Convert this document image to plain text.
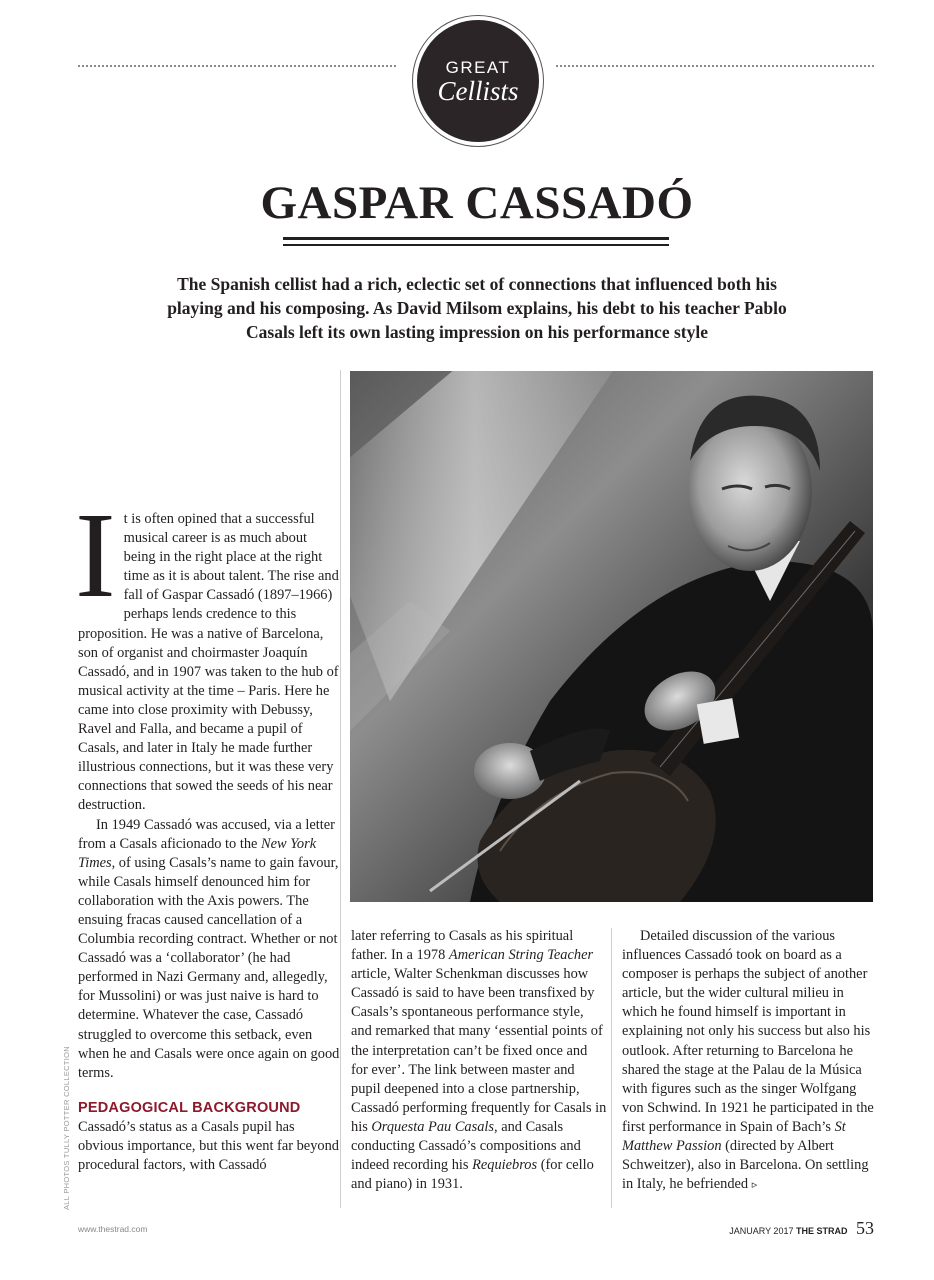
GREAT
Cellists
GASPAR CASSADÓ
The Spanish cellist had a rich, eclectic set of connections that influenced both his playing and his composing. As David Milsom explains, his debt to his teacher Pablo Casals left its own lasting impression on his performance style
I t is often opined that a successful musical career is as much about being in the right place at the right time as it is about talent. The rise and fall of Gaspar Cassadó (1897–1966) perhaps lends credence to this proposition. He was a native of Barcelona, son of organist and choirmaster Joaquín Cassadó, and in 1907 was taken to the hub of musical activity at the time – Paris. Here he came into close proximity with Debussy, Ravel and Falla, and became a pupil of Casals, and later in Italy he made further illustrious connections, but it was these very connections that sowed the seeds of his near destruction.

In 1949 Cassadó was accused, via a letter from a Casals aficionado to the New York Times, of using Casals’s name to gain favour, while Casals himself denounced him for collaboration with the Axis powers. The ensuing fracas caused cancellation of a Columbia recording contract. Whether or not Cassadó was a ‘collaborator’ (he had performed in Nazi Germany and, allegedly, for Mussolini) or was just naive is hard to determine. Whatever the case, Cassadó struggled to overcome this setback, even when he and Casals were once again on good terms.

PEDAGOGICAL BACKGROUND

Cassadó’s status as a Casals pupil has obvious importance, but this went far beyond procedural factors, with Cassadó

later referring to Casals as his spiritual father. In a 1978 American String Teacher article, Walter Schenkman discusses how Cassadó is said to have been transfixed by Casals’s spontaneous performance style, and remarked that many ‘essential points of the interpretation can’t be fixed once and for ever’. The link between master and pupil deepened into a close partnership, Cassadó performing frequently for Casals in his Orquesta Pau Casals, and Casals conducting Cassadó’s compositions and indeed recording his Requiebros (for cello and piano) in 1931.

Detailed discussion of the various influences Cassadó took on board as a composer is perhaps the subject of another article, but the wider cultural milieu in which he found himself is important in explaining not only his success but also his outlook. After returning to Barcelona he shared the stage at the Palau de la Música with figures such as the singer Wolfgang von Schwind. In 1921 he participated in the first performance in Spain of Bach’s St Matthew Passion (directed by Albert Schweitzer), also in Barcelona. On settling in Italy, he befriended ▹

ALL PHOTOS TULLY POTTER COLLECTION
www.thestrad.com	JANUARY 2017 THE STRAD 53
